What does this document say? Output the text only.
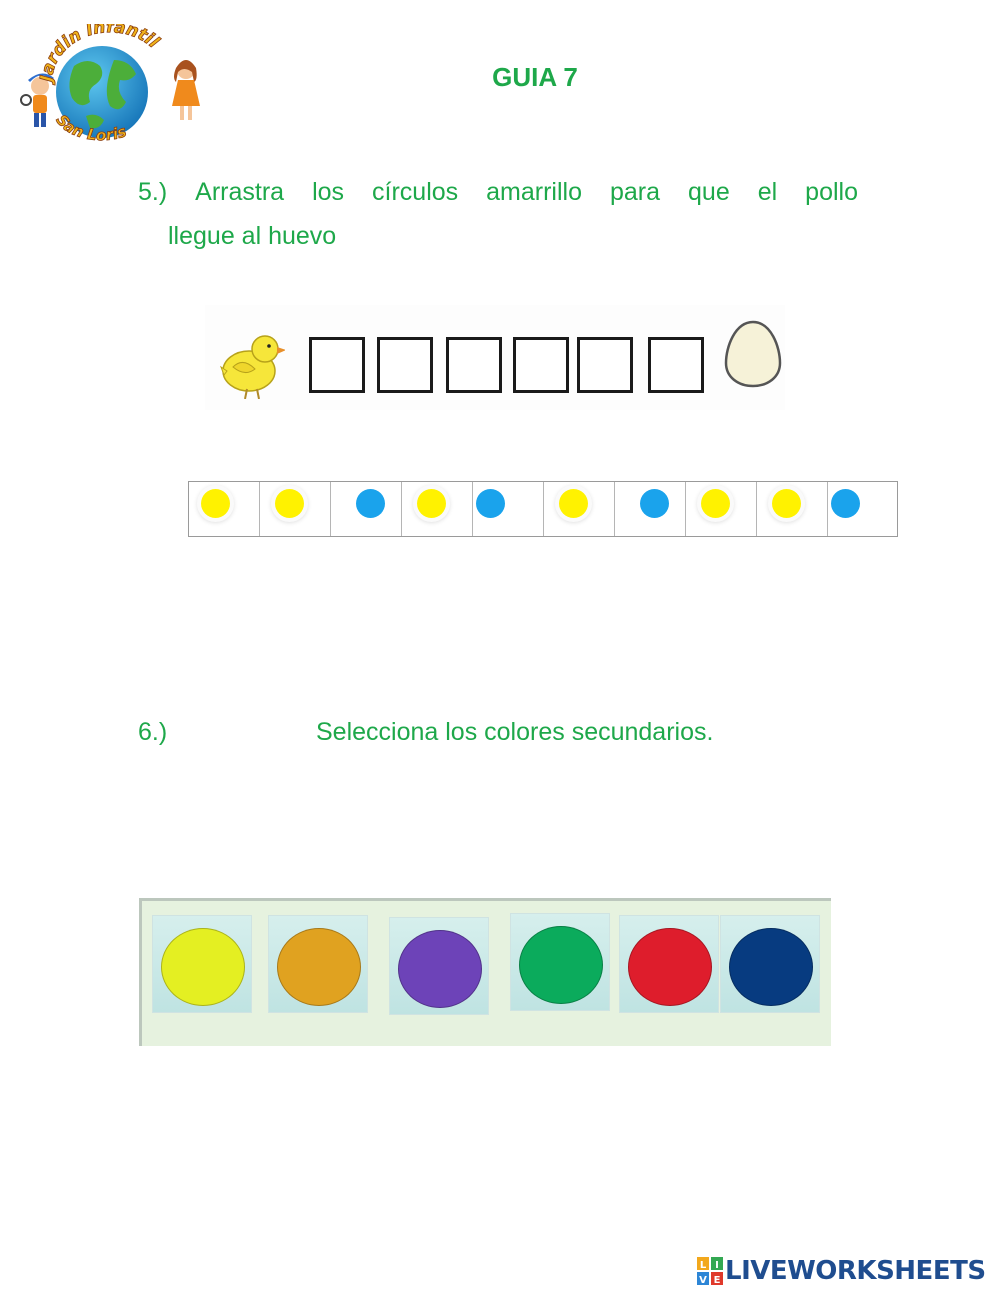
Jardin Infantil
San Loris
GUIA 7
5.) Arrastra los círculos amarrillo para que el pollo
llegue al huevo
6.)	Selecciona los colores secundarios.
L I
V E LIVEWORKSHEETS
